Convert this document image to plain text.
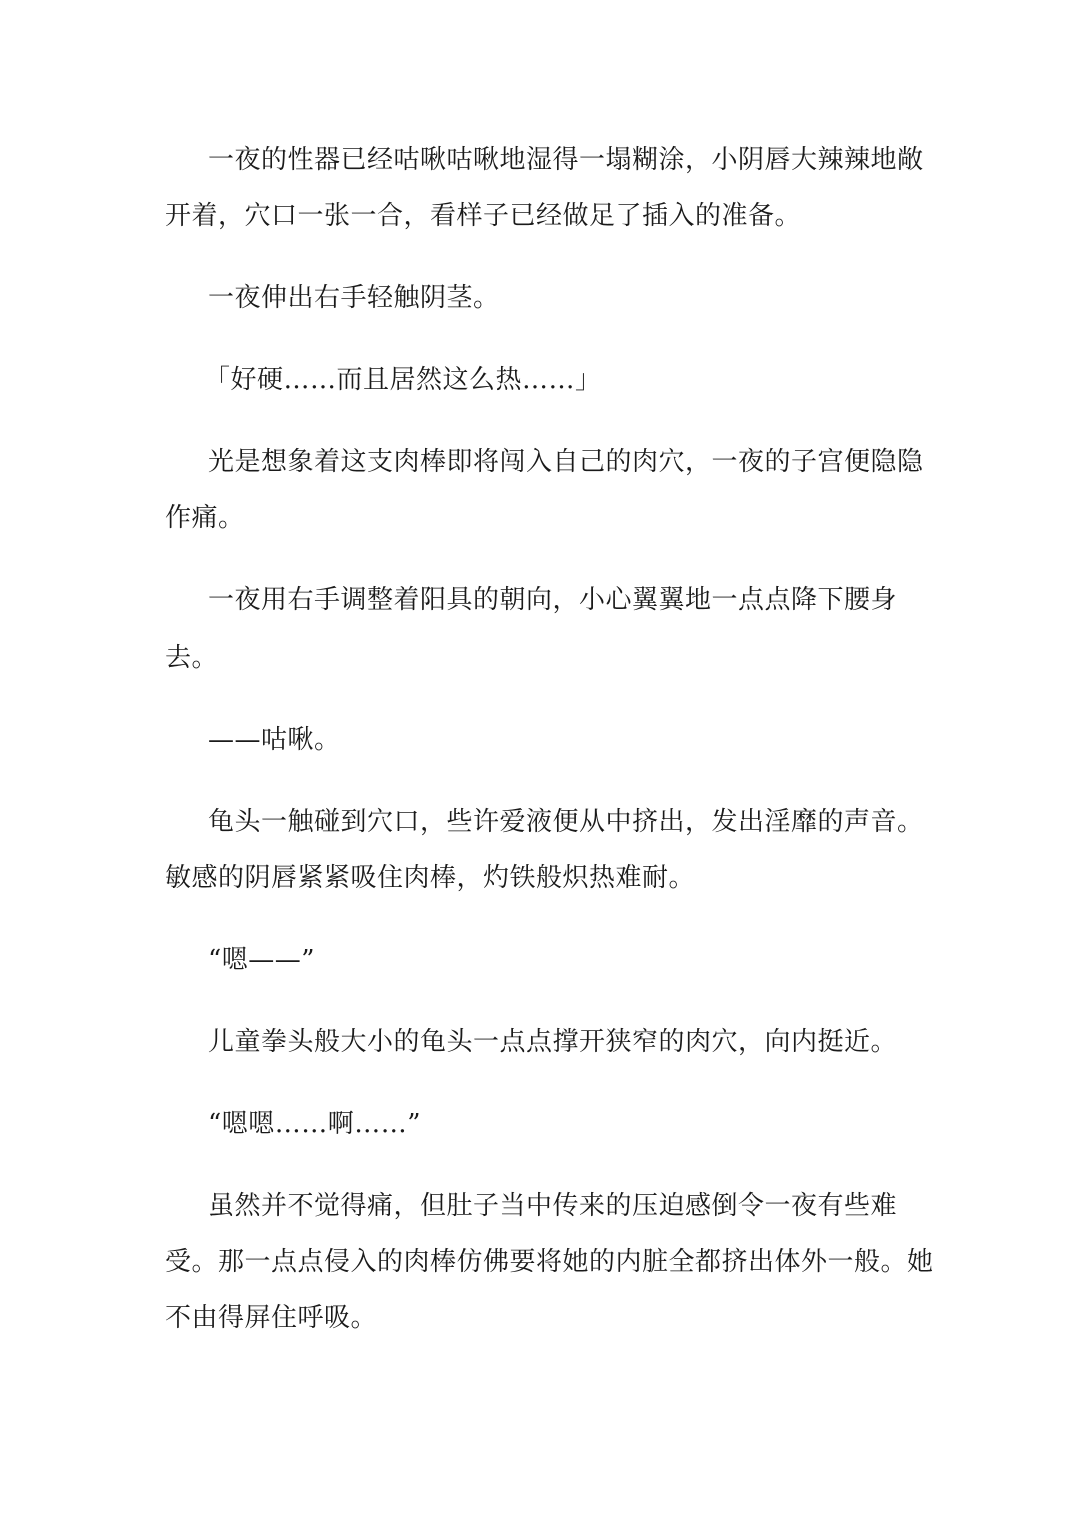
一夜的性器已经咕啾咕啾地湿得一塌糊涂，小阴唇大辣辣地敞
开着，穴口一张一合，看样子已经做足了插入的准备。
一夜伸出右手轻触阴茎。
「好硬……而且居然这么热……」
光是想象着这支肉棒即将闯入自己的肉穴，一夜的子宫便隐隐
作痛。
一夜用右手调整着阳具的朝向，小心翼翼地一点点降下腰身
去。
——咕啾。
龟头一触碰到穴口，些许爱液便从中挤出，发出淫靡的声音。
敏感的阴唇紧紧吸住肉棒，灼铁般炽热难耐。
“嗯——”
儿童拳头般大小的龟头一点点撑开狭窄的肉穴，向内挺近。
“嗯嗯……啊……”
虽然并不觉得痛，但肚子当中传来的压迫感倒令一夜有些难
受。那一点点侵入的肉棒仿佛要将她的内脏全都挤出体外一般。她
不由得屏住呼吸。
